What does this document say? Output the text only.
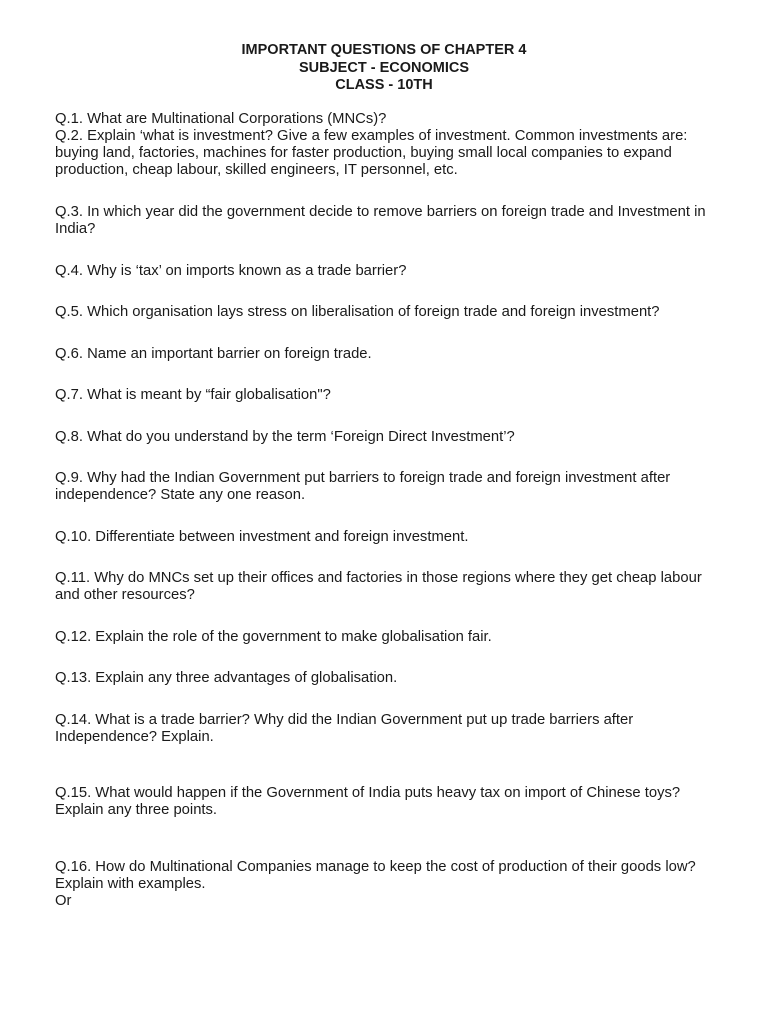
IMPORTANT QUESTIONS OF CHAPTER 4
SUBJECT - ECONOMICS
CLASS - 10TH

Q.1. What are Multinational Corporations (MNCs)?

Q.2. Explain ‘what is investment? Give a few examples of investment. Common investments are: buying land, factories, machines for faster production, buying small local companies to expand production, cheap labour, skilled engineers, IT personnel, etc.

Q.3. In which year did the government decide to remove barriers on foreign trade and Investment in India?

Q.4. Why is ‘tax’ on imports known as a trade barrier?

Q.5. Which organisation lays stress on liberalisation of foreign trade and foreign investment?

Q.6. Name an important barrier on foreign trade.

Q.7. What is meant by “fair globalisation"?

Q.8. What do you understand by the term ‘Foreign Direct Investment’?

Q.9. Why had the Indian Government put barriers to foreign trade and foreign investment after independence? State any one reason.

Q.10. Differentiate between investment and foreign investment.

Q.11. Why do MNCs set up their offices and factories in those regions where they get cheap labour and other resources?

Q.12. Explain the role of the government to make globalisation fair.

Q.13. Explain any three advantages of globalisation.

Q.14. What is a trade barrier? Why did the Indian Government put up trade barriers after Independence? Explain.

Q.15. What would happen if the Government of India puts heavy tax on import of Chinese toys? Explain any three points.

Q.16. How do Multinational Companies manage to keep the cost of production of their goods low? Explain with examples.

Or
